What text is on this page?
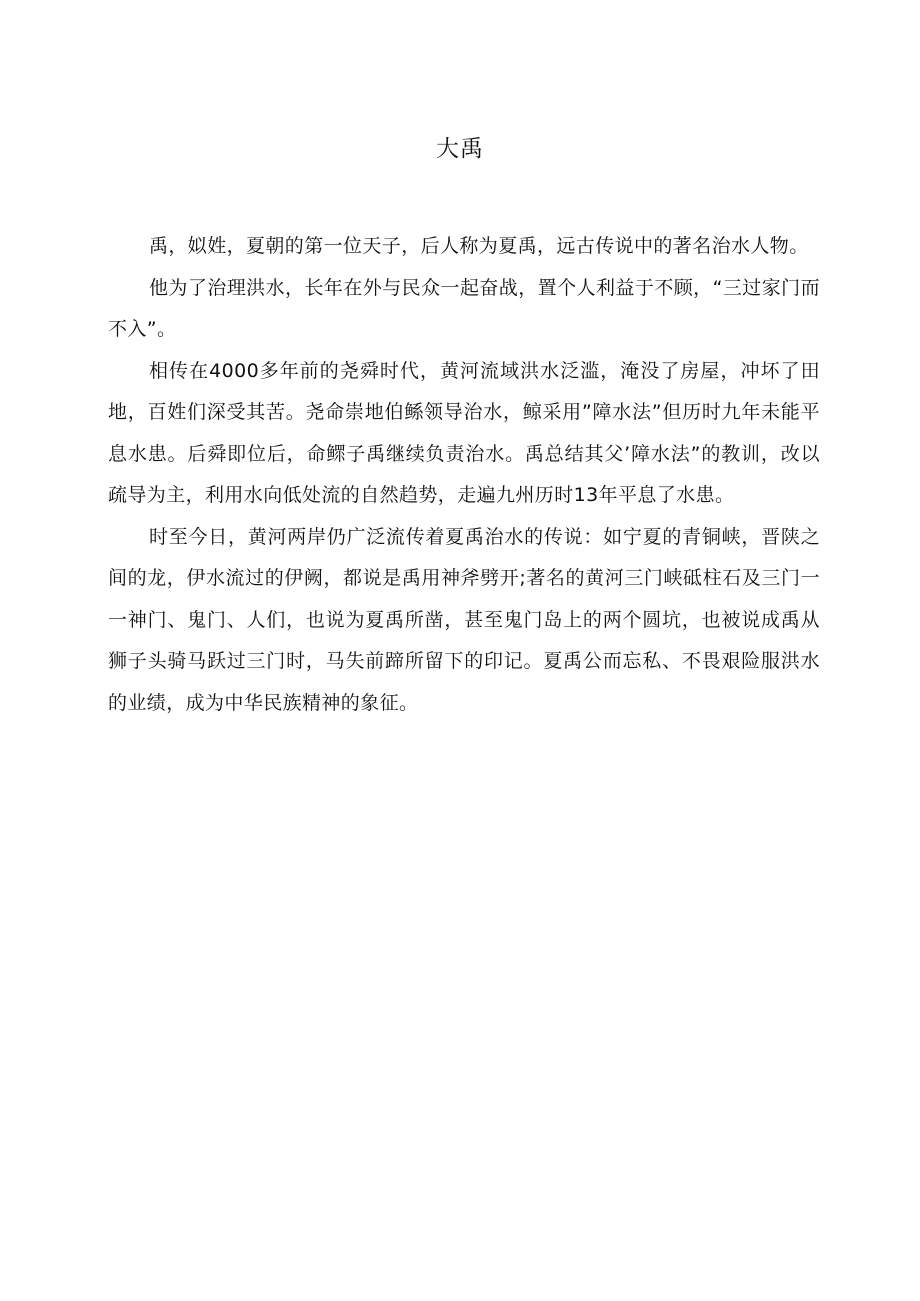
大禹

禹，姒姓，夏朝的第一位天子，后人称为夏禹，远古传说中的著名治水人物。

他为了治理洪水，长年在外与民众一起奋战，置个人利益于不顾，“三过家门而不入”。

相传在4000多年前的尧舜时代，黄河流域洪水泛滥，淹没了房屋，冲坏了田地，百姓们深受其苦。尧命崇地伯鲧领导治水，鲸采用”障水法”但历时九年未能平息水患。后舜即位后，命鳏子禹继续负责治水。禹总结其父’障水法”的教训，改以疏导为主，利用水向低处流的自然趋势，走遍九州历时13年平息了水患。

时至今日，黄河两岸仍广泛流传着夏禹治水的传说：如宁夏的青铜峡，晋陕之间的龙，伊水流过的伊阙，都说是禹用神斧劈开;著名的黄河三门峡砥柱石及三门一一神门、鬼门、人们，也说为夏禹所凿，甚至鬼门岛上的两个圆坑，也被说成禹从狮子头骑马跃过三门时，马失前蹄所留下的印记。夏禹公而忘私、不畏艰险服洪水的业绩，成为中华民族精神的象征。
